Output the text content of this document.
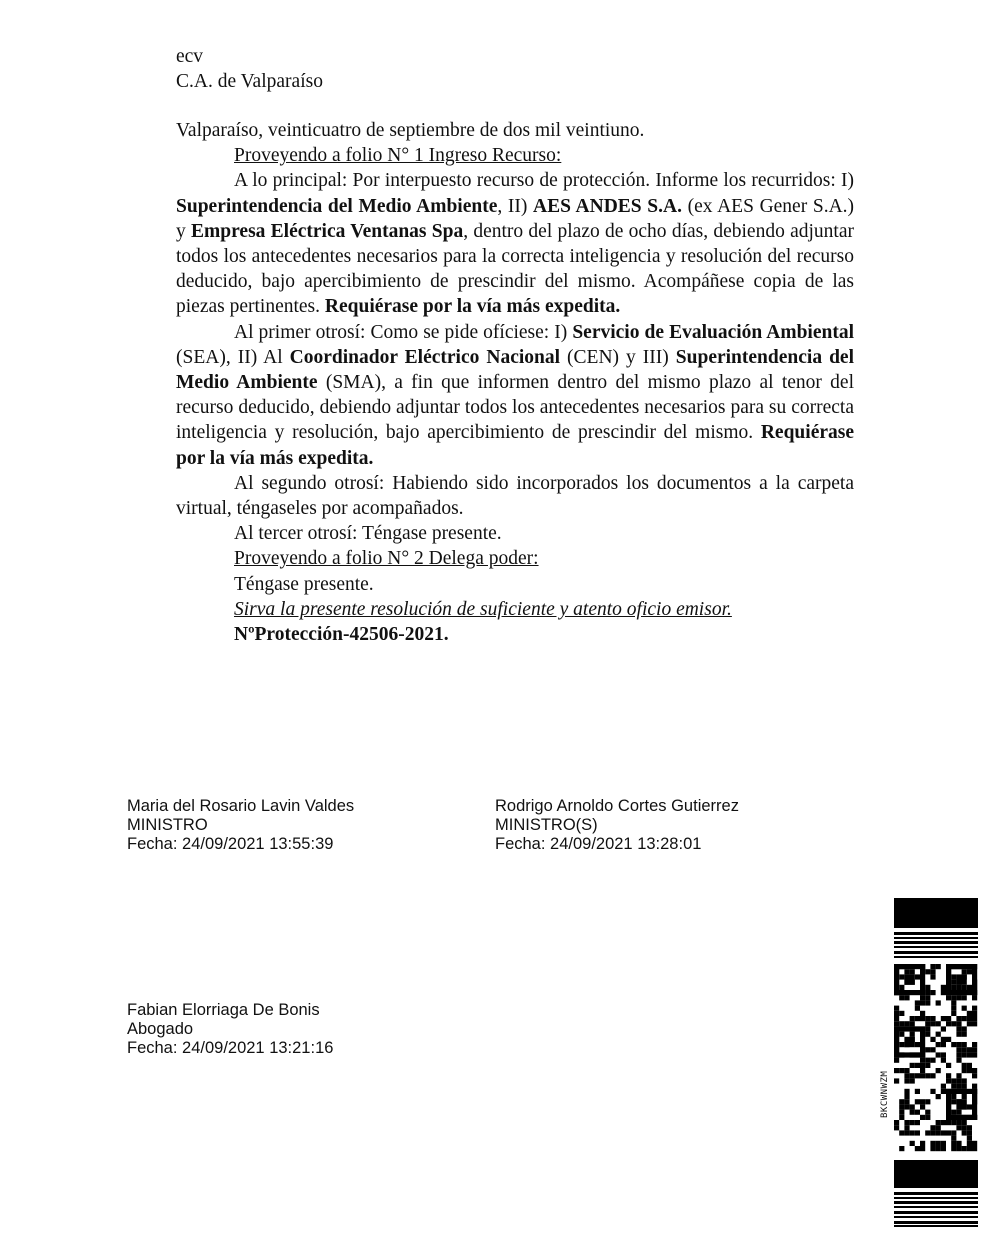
ecv
C.A. de Valparaíso

Valparaíso, veinticuatro de septiembre de dos mil veintiuno.

Proveyendo a folio N° 1 Ingreso Recurso:

A lo principal: Por interpuesto recurso de protección. Informe los recurridos: I) Superintendencia del Medio Ambiente, II) AES ANDES S.A. (ex AES Gener S.A.) y Empresa Eléctrica Ventanas Spa, dentro del plazo de ocho días, debiendo adjuntar todos los antecedentes necesarios para la correcta inteligencia y resolución del recurso deducido, bajo apercibimiento de prescindir del mismo. Acompáñese copia de las piezas pertinentes. Requiérase por la vía más expedita.

Al primer otrosí: Como se pide ofíciese: I) Servicio de Evaluación Ambiental (SEA), II) Al Coordinador Eléctrico Nacional (CEN) y III) Superintendencia del Medio Ambiente (SMA), a fin que informen dentro del mismo plazo al tenor del recurso deducido, debiendo adjuntar todos los antecedentes necesarios para su correcta inteligencia y resolución, bajo apercibimiento de prescindir del mismo. Requiérase por la vía más expedita.

Al segundo otrosí: Habiendo sido incorporados los documentos a la carpeta virtual, téngaseles por acompañados.

Al tercer otrosí: Téngase presente.

Proveyendo a folio N° 2 Delega poder:

Téngase presente.

Sirva la presente resolución de suficiente y atento oficio emisor.

NºProtección-42506-2021.

Maria del Rosario Lavin Valdes
MINISTRO
Fecha: 24/09/2021 13:55:39
Rodrigo Arnoldo Cortes Gutierrez
MINISTRO(S)
Fecha: 24/09/2021 13:28:01
Fabian Elorriaga De Bonis
Abogado
Fecha: 24/09/2021 13:21:16
BKCWNWZM
